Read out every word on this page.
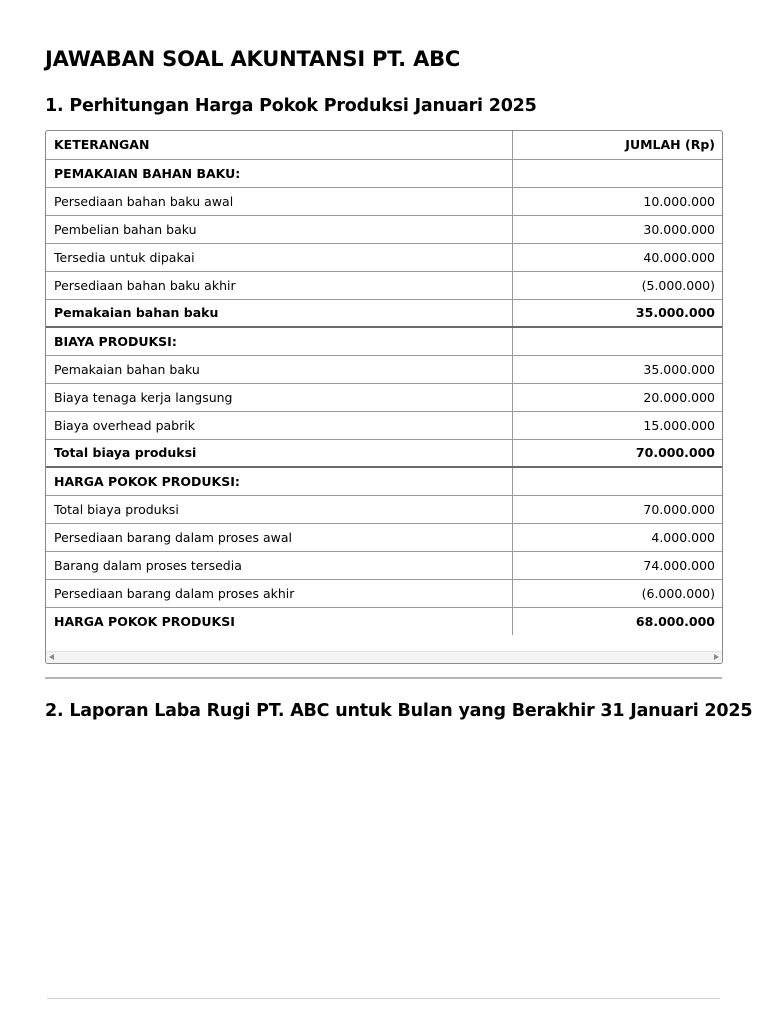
JAWABAN SOAL AKUNTANSI PT. ABC
1. Perhitungan Harga Pokok Produksi Januari 2025
KETERANGAN	JUMLAH (Rp)
PEMAKAIAN BAHAN BAKU:	
Persediaan bahan baku awal	10.000.000
Pembelian bahan baku	30.000.000
Tersedia untuk dipakai	40.000.000
Persediaan bahan baku akhir	(5.000.000)
Pemakaian bahan baku	35.000.000
BIAYA PRODUKSI:	
Pemakaian bahan baku	35.000.000
Biaya tenaga kerja langsung	20.000.000
Biaya overhead pabrik	15.000.000
Total biaya produksi	70.000.000
HARGA POKOK PRODUKSI:	
Total biaya produksi	70.000.000
Persediaan barang dalam proses awal	4.000.000
Barang dalam proses tersedia	74.000.000
Persediaan barang dalam proses akhir	(6.000.000)
HARGA POKOK PRODUKSI	68.000.000
2. Laporan Laba Rugi PT. ABC untuk Bulan yang Berakhir 31 Januari 2025
